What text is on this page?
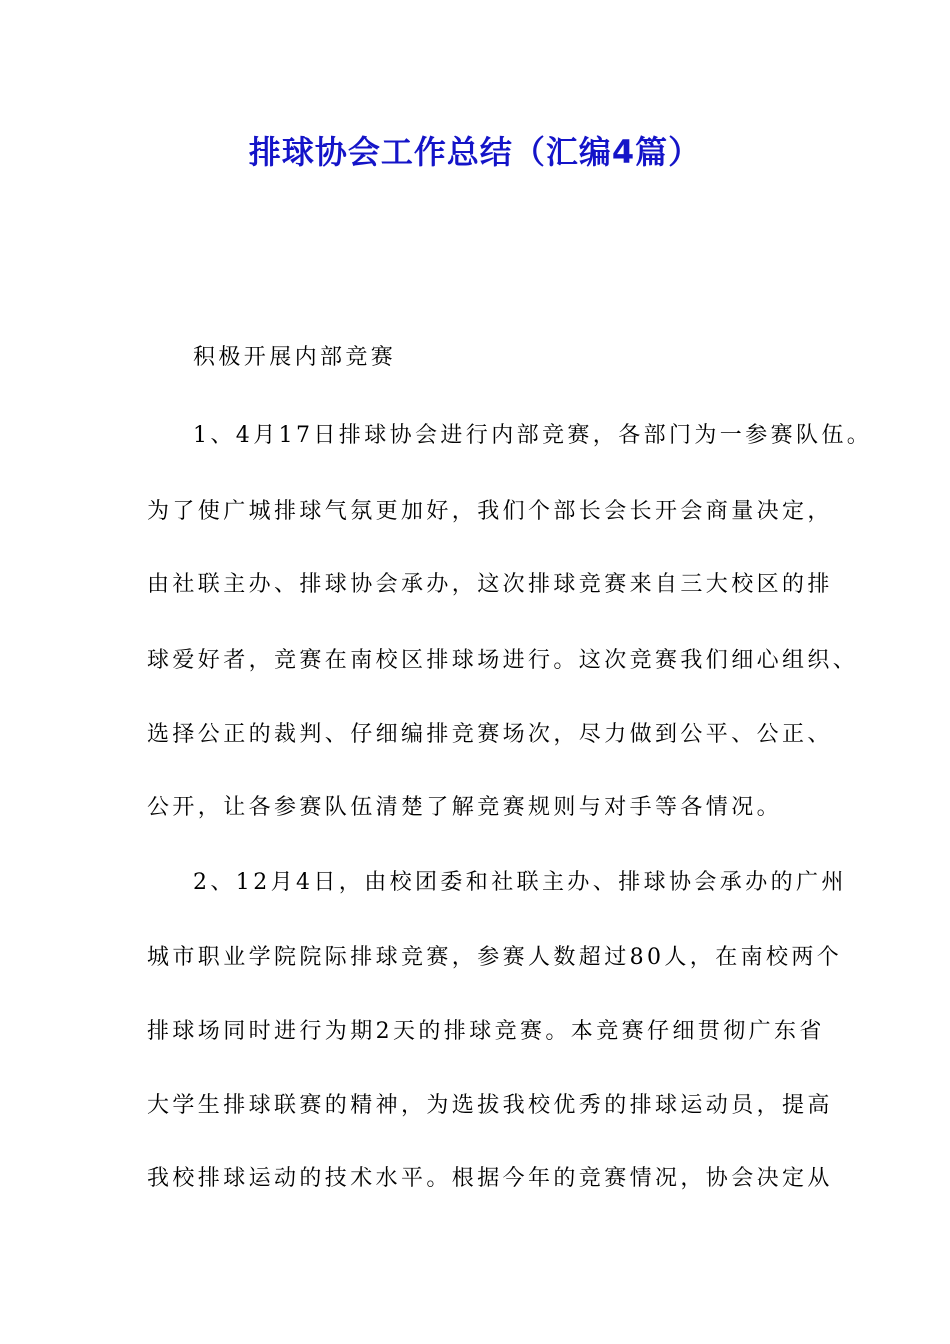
排球协会工作总结（汇编4篇）
积极开展内部竞赛
1、4月17日排球协会进行内部竞赛，各部门为一参赛队伍。
为了使广城排球气氛更加好，我们个部长会长开会商量决定，
由社联主办、排球协会承办，这次排球竞赛来自三大校区的排
球爱好者，竞赛在南校区排球场进行。这次竞赛我们细心组织、
选择公正的裁判、仔细编排竞赛场次，尽力做到公平、公正、
公开，让各参赛队伍清楚了解竞赛规则与对手等各情况。
2、12月4日，由校团委和社联主办、排球协会承办的广州
城市职业学院院际排球竞赛，参赛人数超过80人，在南校两个
排球场同时进行为期2天的排球竞赛。本竞赛仔细贯彻广东省
大学生排球联赛的精神，为选拔我校优秀的排球运动员，提高
我校排球运动的技术水平。根据今年的竞赛情况，协会决定从
